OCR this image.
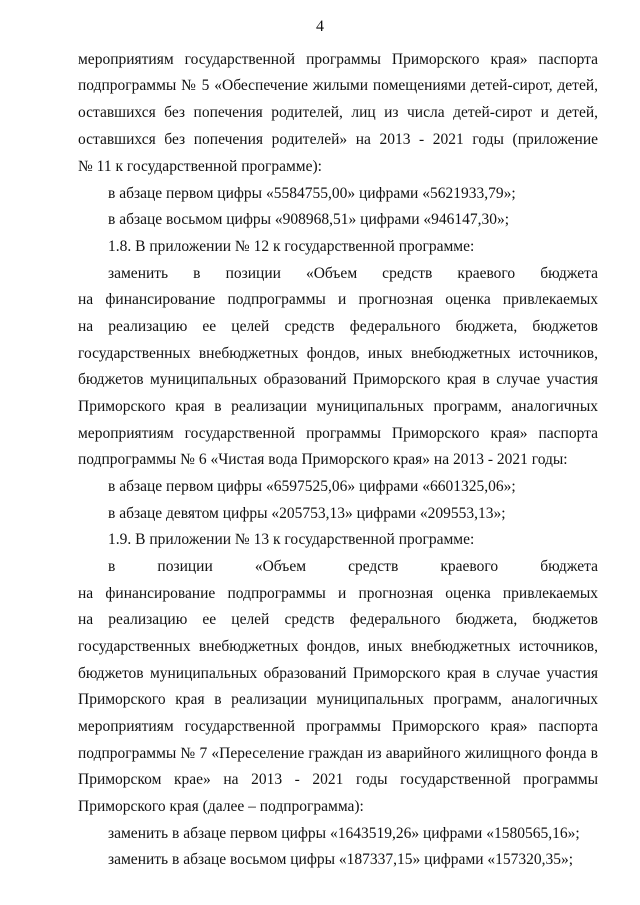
4
мероприятиям государственной программы Приморского края» паспорта
подпрограммы № 5 «Обеспечение жилыми помещениями детей-сирот, детей,
оставшихся без попечения родителей, лиц из числа детей-сирот и детей,
оставшихся без попечения родителей» на 2013 - 2021 годы (приложение
№ 11 к государственной программе):
в абзаце первом цифры «5584755,00» цифрами «5621933,79»;
в абзаце восьмом цифры «908968,51» цифрами «946147,30»;
1.8. В приложении № 12 к государственной программе:
заменить в позиции «Объем средств краевого бюджета
на финансирование подпрограммы и прогнозная оценка привлекаемых
на реализацию ее целей средств федерального бюджета, бюджетов
государственных внебюджетных фондов, иных внебюджетных источников,
бюджетов муниципальных образований Приморского края в случае участия
Приморского края в реализации муниципальных программ, аналогичных
мероприятиям государственной программы Приморского края» паспорта
подпрограммы № 6 «Чистая вода Приморского края» на 2013 - 2021 годы:
в абзаце первом цифры «6597525,06» цифрами «6601325,06»;
в абзаце девятом цифры «205753,13» цифрами «209553,13»;
1.9. В приложении № 13 к государственной программе:
в позиции «Объем средств краевого бюджета
на финансирование подпрограммы и прогнозная оценка привлекаемых
на реализацию ее целей средств федерального бюджета, бюджетов
государственных внебюджетных фондов, иных внебюджетных источников,
бюджетов муниципальных образований Приморского края в случае участия
Приморского края в реализации муниципальных программ, аналогичных
мероприятиям государственной программы Приморского края» паспорта
подпрограммы № 7 «Переселение граждан из аварийного жилищного фонда в
Приморском крае» на 2013 - 2021 годы государственной программы
Приморского края (далее – подпрограмма):
заменить в абзаце первом цифры «1643519,26» цифрами «1580565,16»;
заменить в абзаце восьмом цифры «187337,15» цифрами «157320,35»;
